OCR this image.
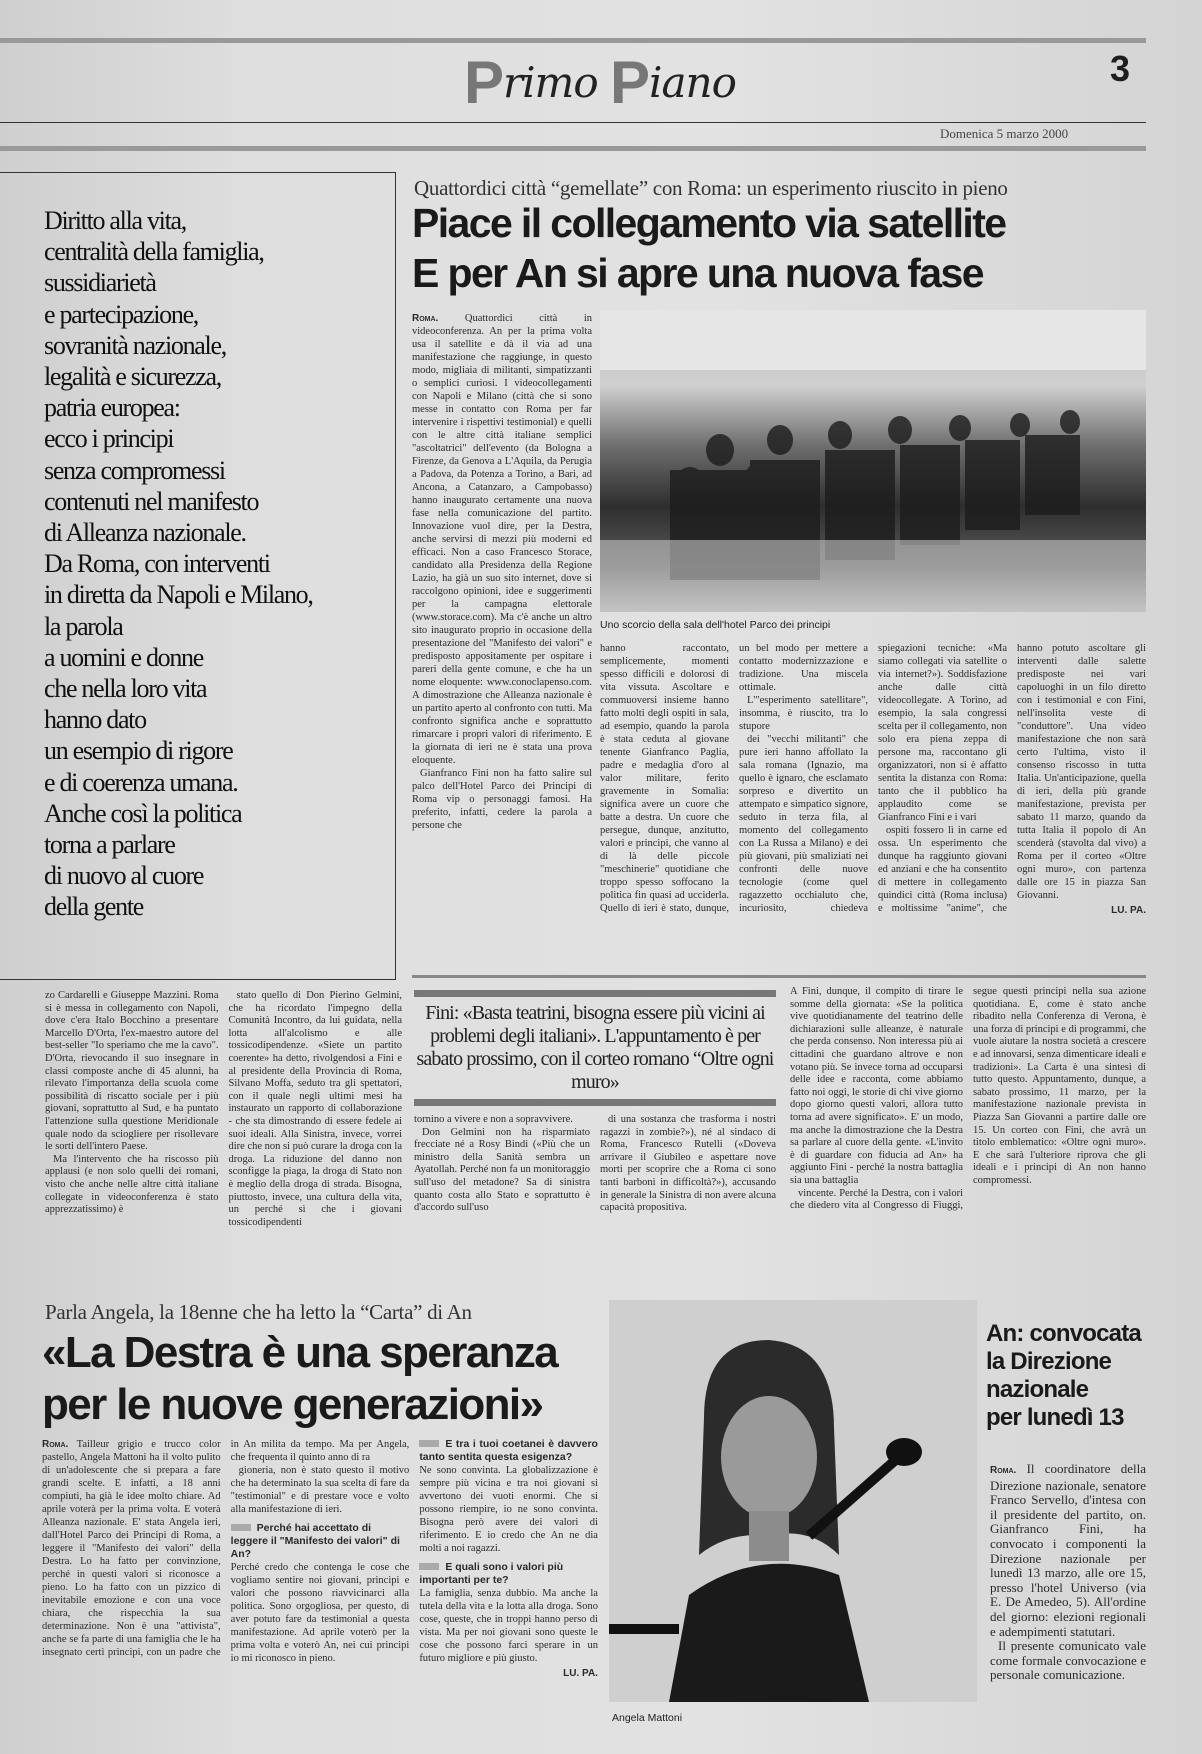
Primo Piano	3
Domenica 5 marzo 2000
Diritto alla vita,
centralità della famiglia,
sussidiarietà
e partecipazione,
sovranità nazionale,
legalità e sicurezza,
patria europea:
ecco i principi
senza compromessi
contenuti nel manifesto
di Alleanza nazionale.
Da Roma, con interventi
in diretta da Napoli e Milano,
la parola
a uomini e donne
che nella loro vita
hanno dato
un esempio di rigore
e di coerenza umana.
Anche così la politica
torna a parlare
di nuovo al cuore
della gente
Quattordici città “gemellate” con Roma: un esperimento riuscito in pieno
Piace il collegamento via satellite
E per An si apre una nuova fase

Roma.	Quattordici città in videoconferenza. An per la prima volta usa il satellite e dà il via ad una manifestazione che raggiunge, in questo modo, migliaia di militanti, simpatizzanti o semplici curiosi. I videocollegamenti con Napoli e Milano (città che si sono messe in contatto con Roma per far intervenire i rispettivi testimonial) e quelli con le altre città italiane semplici "ascoltatrici" dell'evento (da Bologna a Firenze, da Genova a L'Aquila, da Perugia a Padova, da Potenza a Torino, a Bari, ad Ancona, a Catanzaro, a Campobasso) hanno inaugurato certamente una nuova fase nella comunicazione del partito. Innovazione vuol dire, per la Destra, anche servirsi di mezzi più moderni ed efficaci. Non a caso Francesco Storace, candidato alla Presidenza della Regione Lazio, ha già un suo sito internet, dove si raccolgono opinioni, idee e suggerimenti per la campagna elettorale (www.storace.com). Ma c'è anche un altro sito inaugurato proprio in occasione della presentazione del "Manifesto dei valori" e predisposto appositamente per ospitare i pareri della gente comune, e che ha un nome eloquente: www.conoclapenso.com. A dimostrazione che Alleanza nazionale è un partito aperto al confronto con tutti. Ma confronto significa anche e soprattutto rimarcare i propri valori di riferimento. E la giornata di ieri ne è stata una prova eloquente.

Gianfranco Fini non ha fatto salire sul palco dell'Hotel Parco dei Principi di Roma vip o personaggi famosi. Ha preferito, infatti, cedere la parola a persone che

Uno scorcio della sala dell'hotel Parco dei principi

hanno raccontato, semplicemente, momenti spesso difficili e dolorosi di vita vissuta. Ascoltare e commuoversi insieme hanno fatto molti degli ospiti in sala, ad esempio, quando la parola è stata ceduta al giovane tenente Gianfranco Paglia, padre e medaglia d'oro al valor militare, ferito gravemente in Somalia: significa avere un cuore che batte a destra. Un cuore che persegue, dunque, anzitutto, valori e principi, che vanno al di là delle piccole "meschinerie" quotidiane che troppo spesso soffocano la politica fin quasi ad ucciderla. Quello di ieri è stato, dunque, un bel modo per mettere a contatto modernizzazione e tradizione. Una miscela ottimale.

L'"esperimento satellitare", insomma, è riuscito, tra lo stupore

dei "vecchi militanti" che pure ieri hanno affollato la sala romana (Ignazio, ma quello è ignaro, che esclamato sorpreso e divertito un attempato e simpatico signore, seduto in terza fila, al momento del collegamento con La Russa a Milano) e dei più giovani, più smaliziati nei confronti delle nuove tecnologie (come quel ragazzetto occhialuto che, incuriosito, chiedeva spiegazioni tecniche: «Ma siamo collegati via satellite o via internet?»). Soddisfazione anche dalle città videocollegate. A Torino, ad esempio, la sala congressi scelta per il collegamento, non solo era piena zeppa di persone ma, raccontano gli organizzatori, non si è affatto sentita la distanza con Roma: tanto che il pubblico ha applaudito come se Gianfranco Fini e i vari

ospiti fossero lì in carne ed ossa. Un esperimento che dunque ha raggiunto giovani ed anziani e che ha consentito di mettere in collegamento quindici città (Roma inclusa) e moltissime "anime", che hanno potuto ascoltare gli interventi dalle salette predisposte nei vari capoluoghi in un filo diretto con i testimonial e con Fini, nell'insolita veste di "conduttore". Una video manifestazione che non sarà certo l'ultima, visto il consenso riscosso in tutta Italia. Un'anticipazione, quella di ieri, della più grande manifestazione, prevista per sabato 11 marzo, quando da tutta Italia il popolo di An scenderà (stavolta dal vivo) a Roma per il corteo «Oltre ogni muro», con partenza dalle ore 15 in piazza San Giovanni.

LU. PA.

zo Cardarelli e Giuseppe Mazzini. Roma si è messa in collegamento con Napoli, dove c'era Italo Bocchino a presentare Marcello D'Orta, l'ex-maestro autore del best-seller "Io speriamo che me la cavo". D'Orta, rievocando il suo insegnare in classi composte anche di 45 alunni, ha rilevato l'importanza della scuola come possibilità di riscatto sociale per i più giovani, soprattutto al Sud, e ha puntato l'attenzione sulla questione Meridionale quale nodo da sciogliere per risollevare le sorti dell'intero Paese.

Ma l'intervento che ha riscosso più applausi (e non solo quelli dei romani, visto che anche nelle altre città italiane collegate in videoconferenza è stato apprezzatissimo) è

stato quello di Don Pierino Gelmini, che ha ricordato l'impegno della Comunità Incontro, da lui guidata, nella lotta all'alcolismo e alle tossicodipendenze. «Siete un partito coerente» ha detto, rivolgendosi a Fini e al presidente della Provincia di Roma, Silvano Moffa, seduto tra gli spettatori, con il quale negli ultimi mesi ha instaurato un rapporto di collaborazione - che sta dimostrando di essere fedele ai suoi ideali. Alla Sinistra, invece, vorrei dire che non si può curare la droga con la droga. La riduzione del danno non sconfigge la piaga, la droga di Stato non è meglio della droga di strada. Bisogna, piuttosto, invece, una cultura della vita, un perché sì che i giovani tossicodipendenti

Fini: «Basta teatrini, bisogna essere più vicini ai problemi degli italiani». L'appuntamento è per sabato prossimo, con il corteo romano “Oltre ogni muro»

tornino a vivere e non a sopravvivere.

Don Gelmini non ha risparmiato frecciate né a Rosy Bindi («Più che un ministro della Sanità sembra un Ayatollah. Perché non fa un monitoraggio sull'uso del metadone? Sa di sinistra quanto costa allo Stato e soprattutto è d'accordo sull'uso

di una sostanza che trasforma i nostri ragazzi in zombie?»), né al sindaco di Roma, Francesco Rutelli («Doveva arrivare il Giubileo e aspettare nove morti per scoprire che a Roma ci sono tanti barboni in difficoltà?»), accusando in generale la Sinistra di non avere alcuna capacità propositiva.

A Fini, dunque, il compito di tirare le somme della giornata: «Se la politica vive quotidianamente del teatrino delle dichiarazioni sulle alleanze, è naturale che perda consenso. Non interessa più ai cittadini che guardano altrove e non votano più. Se invece torna ad occuparsi delle idee e racconta, come abbiamo fatto noi oggi, le storie di chi vive giorno dopo giorno questi valori, allora tutto torna ad avere significato». E' un modo, ma anche la dimostrazione che la Destra sa parlare al cuore della gente. «L'invito è di guardare con fiducia ad An» ha aggiunto Fini - perché la nostra battaglia sia una battaglia

vincente. Perché la Destra, con i valori che diedero vita al Congresso di Fiuggi, segue questi principi nella sua azione quotidiana. E, come è stato anche ribadito nella Conferenza di Verona, è una forza di principi e di programmi, che vuole aiutare la nostra società a crescere e ad innovarsi, senza dimenticare ideali e tradizioni». La Carta è una sintesi di tutto questo. Appuntamento, dunque, a sabato prossimo, 11 marzo, per la manifestazione nazionale prevista in Piazza San Giovanni a partire dalle ore 15. Un corteo con Fini, che avrà un titolo emblematico: «Oltre ogni muro». E che sarà l'ulteriore riprova che gli ideali e i principi di An non hanno compromessi.

Parla Angela, la 18enne che ha letto la “Carta” di An
«La Destra è una speranza
per le nuove generazioni»

Roma. Tailleur grigio e trucco color pastello, Angela Mattoni ha il volto pulito di un'adolescente che si prepara a fare grandi scelte. E infatti, a 18 anni compiuti, ha già le idee molto chiare. Ad aprile voterà per la prima volta. E voterà Alleanza nazionale. E' stata Angela ieri, dall'Hotel Parco dei Principi di Roma, a leggere il "Manifesto dei valori" della Destra. Lo ha fatto per convinzione, perché in questi valori si riconosce a pieno. Lo ha fatto con un pizzico di inevitabile emozione e con una voce chiara, che rispecchia la sua determinazione. Non è una "attivista", anche se fa parte di una famiglia che le ha insegnato certi principi, con un padre che in An milita da tempo. Ma per Angela, che frequenta il quinto anno di ra

gioneria, non è stato questo il motivo che ha determinato la sua scelta di fare da "testimonial" e di prestare voce e volto alla manifestazione di ieri.

Perché hai accettato di leggere il "Manifesto dei valori" di An?

Perché credo che contenga le cose che vogliamo sentire noi giovani, principi e valori che possono riavvicinarci alla politica. Sono orgogliosa, per questo, di aver potuto fare da testimonial a questa manifestazione. Ad aprile voterò per la prima volta e voterò An, nei cui principi io mi riconosco in pieno.

E tra i tuoi coetanei è davvero tanto sentita questa esigenza?

Ne sono convinta. La globalizzazione è sempre più vicina e tra noi giovani si avvertono dei vuoti enormi. Che si possono riempire, io ne sono convinta. Bisogna però avere dei valori di riferimento. E io credo che An ne dia molti a noi ragazzi.

E quali sono i valori più importanti per te?

La famiglia, senza dubbio. Ma anche la tutela della vita e la lotta alla droga. Sono cose, queste, che in troppi hanno perso di vista. Ma per noi giovani sono queste le cose che possono farci sperare in un futuro migliore e più giusto.

LU. PA.

Angela Mattoni
An: convocata
la Direzione
nazionale
per lunedì 13

Roma. Il coordinatore della Direzione nazionale, senatore Franco Servello, d'intesa con il presidente del partito, on. Gianfranco Fini, ha convocato i componenti la Direzione nazionale per lunedì 13 marzo, alle ore 15, presso l'hotel Universo (via E. De Amedeo, 5). All'ordine del giorno: elezioni regionali e adempimenti statutari.

Il presente comunicato vale come formale convocazione e personale comunicazione.
